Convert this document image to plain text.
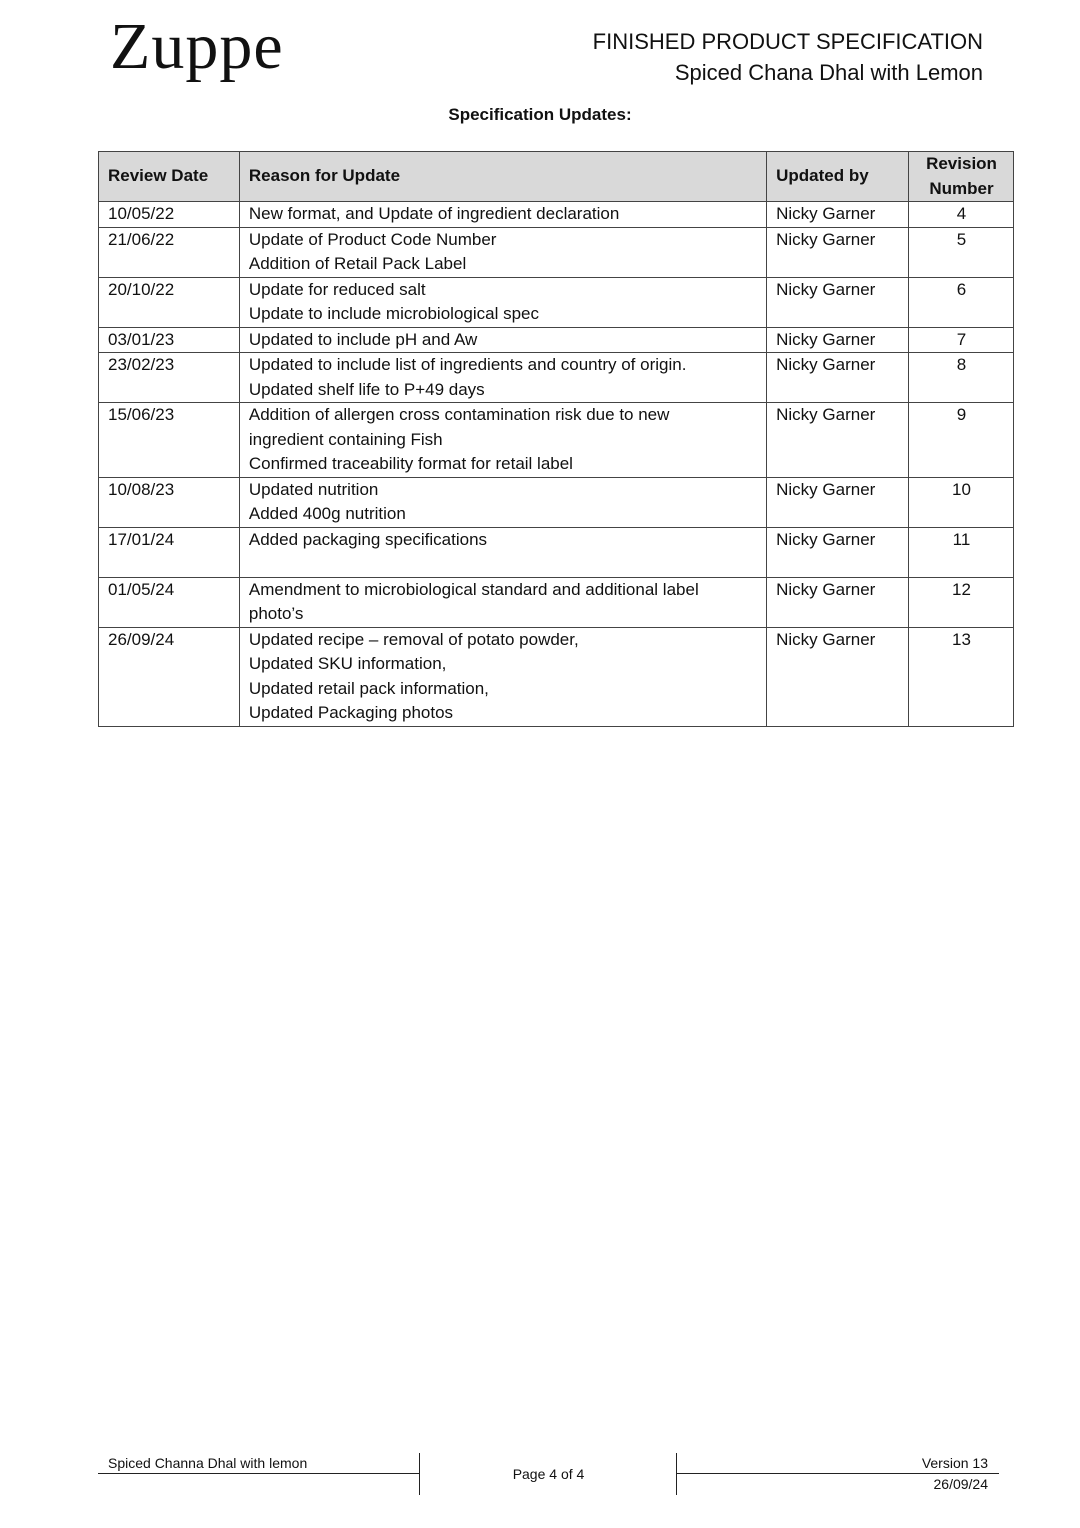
Zuppe	FINISHED PRODUCT SPECIFICATION
Spiced Chana Dhal with Lemon
Specification Updates:
Review Date	Reason for Update	Updated by	Revision Number
10/05/22	New format, and Update of ingredient declaration	Nicky Garner	4
21/06/22	Update of Product Code Number
Addition of Retail Pack Label	Nicky Garner	5
20/10/22	Update for reduced salt
Update to include microbiological spec	Nicky Garner	6
03/01/23	Updated to include pH and Aw	Nicky Garner	7
23/02/23	Updated to include list of ingredients and country of origin.
Updated shelf life to P+49 days	Nicky Garner	8
15/06/23	Addition of allergen cross contamination risk due to new
ingredient containing Fish
Confirmed traceability format for retail label	Nicky Garner	9
10/08/23	Updated nutrition
Added 400g nutrition	Nicky Garner	10
17/01/24	Added packaging specifications	Nicky Garner	11
01/05/24	Amendment to microbiological standard and additional label
photo’s	Nicky Garner	12
26/09/24	Updated recipe – removal of potato powder,
Updated SKU information,
Updated retail pack information,
Updated Packaging photos	Nicky Garner	13
Spiced Channa Dhal with lemon
Page 4 of 4
Version 13
26/09/24
